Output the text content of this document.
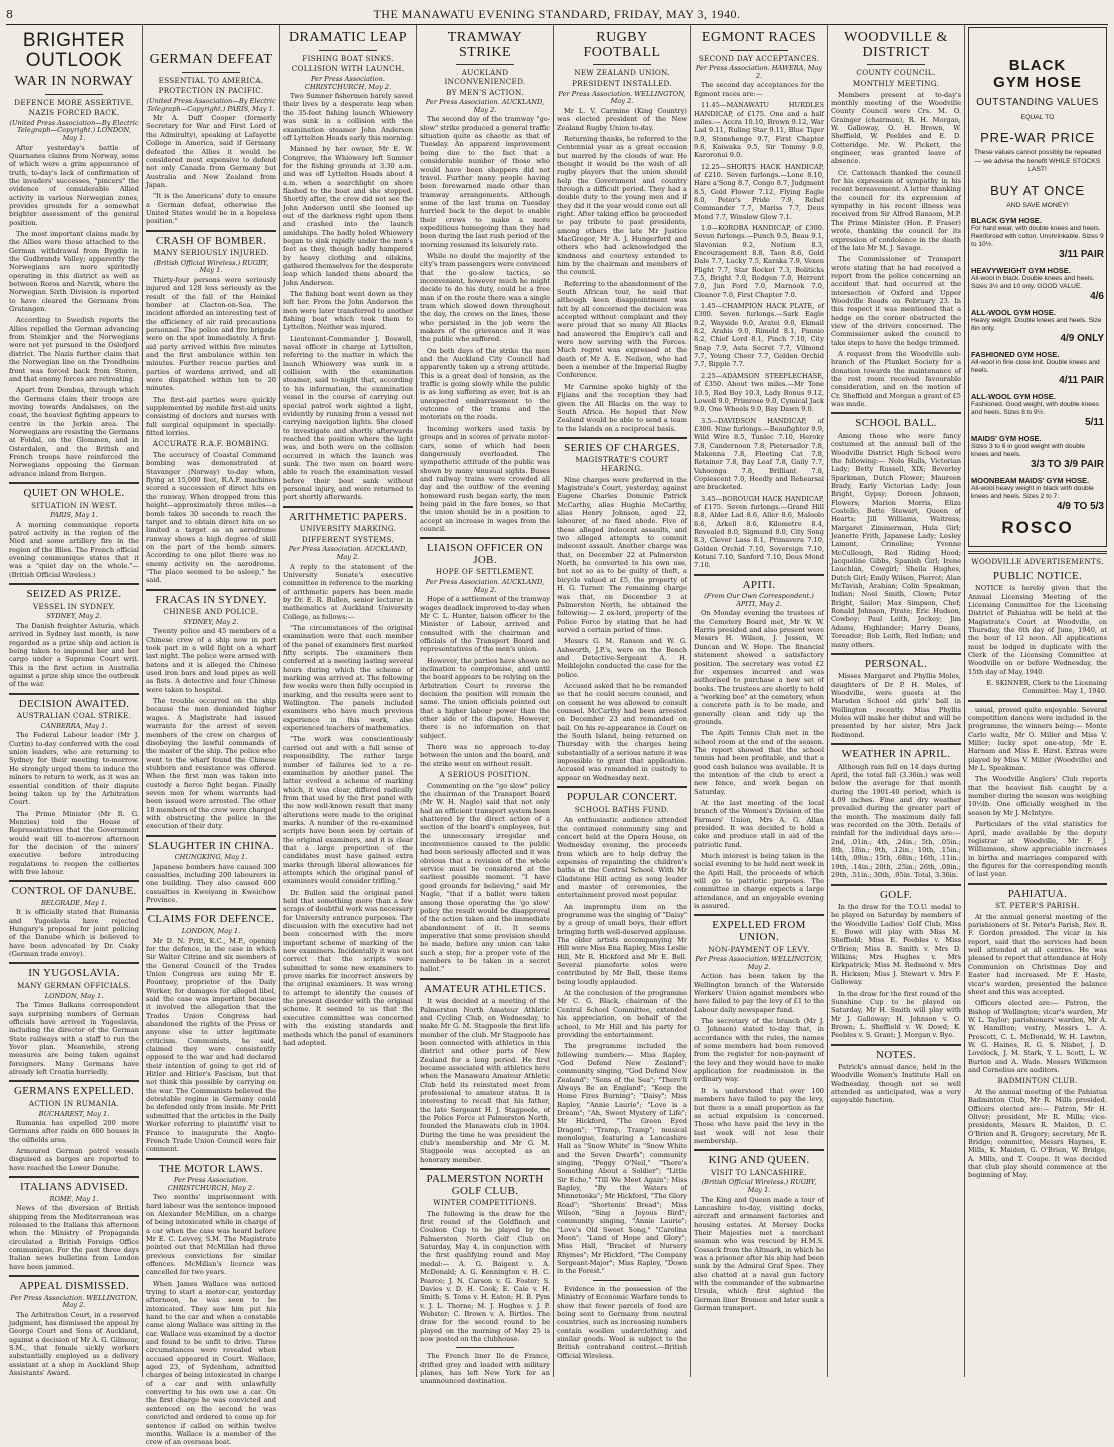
8	THE MANAWATU EVENING STANDARD, FRIDAY, MAY 3, 1940.
BRIGHTER OUTLOOK
WAR IN NORWAY
DEFENCE MORE ASSERTIVE.
NAZIS FORCED BACK.
(United Press Association—By Electric Telegraph—Copyright.) LONDON, May 1.

After yesterday's battle of Quarnanes claims from Norway, some of which were a grim appearance of truth, to-day's lack of confirmation of the invaders' successes, "pincers" the evidence of considerable Allied activity in various Norwegian zones, provides grounds for a somewhat brighter assessment of the general position.

The most important claims made by the Allies were those attached to the German withdrawal from Bygdin in the Gudbrands Valley; apparently the Norwegians are more spiritedly operating in this district as well as between Roros and Narvik, where the Norwegian Sixth Division is reported to have cleared the Germans from Gratangen.

According to Swedish reports the Allies repelled the German advancing from Steinkjer and the Norwegians were not yet pursued in the Oslofjord district. The Nazis further claim that the Norwegian line on the Trondheim front was forced back from Storen, and that enemy forces are retreating.

Apart from Dombas, through which the Germans claim their troops are moving towards Andalsnes, on the coast, the heaviest fighting appears to centre in the Jerkin area. The Norwegians are resisting the Germans at Foldal, on the Glommen, and in Osterdalen, and the British and French troops have reinforced the Norwegians opposing the German advance inland from Bergen.

QUIET ON WHOLE.
SITUATION IN WEST.
PARIS, May 1.

A morning communique reports patrol activity in the region of the Nied and some artillery fire in the region of the Blies. The French official evening communique states that it was a "quiet day on the whole."—(British Official Wireless.)

SEIZED AS PRIZE.
VESSEL IN SYDNEY.
SYDNEY, May 2.

The Danish freighter Asturia, which arrived in Sydney last month, is now regarded as a prize ship and action is being taken to impound her and her cargo under a Supreme Court writ. This is the first action in Australia against a prize ship since the outbreak of the war.

DECISION AWAITED.
AUSTRALIAN COAL STRIKE.
CANBERRA, May 1.

The Federal Labour leader (Mr J. Curtin) to-day conferred with the coal union leaders, who are returning to Sydney for their meeting to-morrow. He strongly urged them to induce the miners to return to work, as it was an essential condition of their dispute being taken up by the Arbitration Court.

The Prime Minister (Mr R. G. Menzies) told the House of Representatives that the Government would wait till to-morrow afternoon for the decision of the miners' executive before introducing regulations to reopen the collieries with free labour.

CONTROL OF DANUBE.
BELGRADE, May 1.

It is officially stated that Rumania and Yugoslavia have rejected Hungary's proposal for joint policing of the Danube which is believed to have been advocated by Dr. Csaky (German trade envoy).

IN YUGOSLAVIA.
MANY GERMAN OFFICIALS.
LONDON, May 1.

The Times Balkans correspondent says surprising numbers of German officials have arrived in Yugoslavia, including the director of the German State railways with a staff to run the Yovor plan. Meanwhile, strong measures are being taken against foreigners. Many Germans have already left Croatia hurriedly.

GERMANS EXPELLED.
ACTION IN RUMANIA.
BUCHAREST, May 1.

Rumania has expelled 200 more Germans after raids on 600 houses in the oilfields area.

Armoured German patrol vessels disguised as barges are reported to have reached the Lower Danube.

ITALIANS ADVISED.
ROME, May 1.

News of the diversion of British shipping from the Mediterranean was released to the Italians this afternoon when the Ministry of Propaganda circulated a British Foreign Office communique. For the past three days Italian news bulletins from London have been jammed.

APPEAL DISMISSED.
Per Press Association. WELLINGTON, May 2.

The Arbitration Court, in a reserved judgment, has dismissed the appeal by George Court and Sons of Auckland, against a decision of Mr A. G. Gilmour, S.M., that female sickly workers substantially employed as a delivery assistant at a shop in Auckland Shop Assistants' Award.

GERMAN DEFEAT
ESSENTIAL TO AMERICA.
PROTECTION IN PACIFIC.
(United Press Association—By Electric Telegraph—Copyright.) PARIS, May 1.

Mr A. Duff Cooper (formerly Secretary for War and First Lord of the Admiralty), speaking at Lafayette College in America, said if Germany defeated the Allies it would be considered most expensive to defend not only Canada from Germany but Australia and New Zealand from Japan.

"It is the Americans' duty to ensure a German defeat, otherwise the United States would be in a hopeless position."

CRASH OF BOMBER.
MANY SERIOUSLY INJURED.
(British Official Wireless.) RUGBY, May 1.

Thirty-four persons were seriously injured and 128 less seriously as the result of the fall of the Heinkel bomber at Clacton-on-Sea. The incident afforded an interesting test of the efficiency of air raid precautions personnel. The police and fire brigade were on the spot immediately. A first-aid party arrived within five minutes and the first ambulance within ten minutes. Further rescue parties and parties of wardens arrived, and all were dispatched within ten to 20 minutes.

The first-aid parties were quickly supplemented by mobile first-aid units consisting of doctors and nurses with full surgical equipment in specially-fitted lorries.

ACCURATE R.A.F. BOMBING.

The accuracy of Coastal Command bombing was demonstrated at Stavanger (Norway) to-day when, flying at 15,000 feet, R.A.F. machines scored a succession of direct hits on the runway. When dropped from this height—approximately three miles—a bomb takes 30 seconds to reach the target and to obtain direct hits on so limited a target as an aerodrome runway shows a high degree of skill on the part of the bomb aimers. According to one pilot there was no enemy activity on the aerodrome. "The place seemed to be asleep," he said.

FRACAS IN SYDNEY.
CHINESE AND POLICE.
SYDNEY, May 2.

Twenty police and 45 members of a Chinese crew of a ship now in port took part in a wild fight on a wharf last night. The police were armed with batons and it is alleged the Chinese used iron bars and lead pipes as well as fists. A detective and four Chinese were taken to hospital.

The trouble occurred on the ship because the men demanded higher wages. A Magistrate had issued warrants for the arrest of seven members of the crew on charges of disobeying the lawful commands of the master of the ship. The police who went to the wharf found the Chinese stubborn and resistance was offered. When the first man was taken into custody a fierce fight began. Finally seven men for whom warrants had been issued were arrested. The other 18 members of the crew were charged with obstructing the police in the execution of their duty.

SLAUGHTER IN CHINA.
CHUNGKING, May 1.

Japanese bombers have caused 300 casualties, including 200 labourers in one building. They also caused 600 casualties in Kweiyang in Kweichow Province.

CLAIMS FOR DEFENCE.
LONDON, May 1.

Mr D. N. Pritt, K.C., M.P., opening for the defence, in the case in which Sir Walter Citrine and six members of the General Council of the Trades Union Congress are suing Mr E. Pountney, proprietor of the Daily Worker, for damages for alleged libel, said the case was important because it involved the allegation that the Trades Union Congress had abandoned the rights of the Press or anyone else to utter legitimate criticism. Communists, he said, claimed they were consistently opposed to the war and had declared their intention of going to get rid of Hitler and Hitler's Fascism, but that not think this possible by carrying on the war. The Communists believed the detestable regime in Germany could be defended only from inside. Mr Pritt submitted that the articles in the Daily Worker referring to plaintiffs' visit to France to inaugurate the Anglo-French Trade Union Council were fair comment.

THE MOTOR LAWS.
Per Press Association. CHRISTCHURCH, May 2.

Two months' imprisonment with hard labour was the sentence imposed on Alexander McMillan, on a charge of being intoxicated while in charge of a car when the case was heard before Mr E. C. Levvey, S.M. The Magistrate pointed out that McMillan had three previous convictions for similar offences. McMillan's licence was cancelled for two years.

When James Wallace was noticed trying to start a motor-car, yesterday afternoon, he was seen to be intoxicated. They saw him put his hand to the car and when a constable came along Wallace was sitting in the car. Wallace was examined by a doctor and found to be unfit to drive. Three circumstances were revealed when accused appeared in Court. Wallace, aged 23, of Sydenham, admitted charges of being intoxicated in charge of a car and with unlawfully converting to his own use a car. On the first charge he was convicted and sentenced on the second he was convicted and ordered to come up for sentence if called on within twelve months. Wallace is a member of the crew of an overseas boat.

DRAMATIC LEAP
FISHING BOAT SINKS.
COLLISION WITH LAUNCH.
Per Press Association. CHRISTCHURCH, May 2.

Two Sumner fishermen barely saved their lives by a desperate leap when the 35-feet fishing launch Whiowery was sunk in a collision with the examination steamer John Anderson off Lyttelton Heads early this morning.

Manned by her owner, Mr E. W. Congreve, the Whiowery left Sumner for the fishing grounds at 3.30 a.m. and was off Lyttelton Heads about 4 a.m. when a searchlight on shore flashed to the boat and she stopped. Shortly after, the crew did not see the John Anderson until she loomed up out of the darkness right upon them and crashed into the launch amidships. The badly holed Whiowery began to sink rapidly under the men's feet as they, though badly hampered by heavy clothing and oilskins, gathered themselves for the desperate leap which landed them aboard the John Anderson.

The fishing boat went down as they left her. From the John Anderson the men were later transferred to another fishing boat which took them to Lyttelton. Neither was injured.

Lieutenant-Commander J. Boswell, naval officer in charge at Lyttelton, referring to the matter in which the launch Whiowery was sunk in a collision with the examination steamer, said to-night that, according to his information, the examination vessel in the course of carrying out special patrol work sighted a light, evidently by running from a vessel not carrying navigation lights. She closed to investigate and shortly afterwards reached the position where the light was, and both were on the collision occurred in which the launch was sunk. The two men on board were able to reach the examination vessel before their boat sank without personal injury, and were returned to port shortly afterwards.

ARITHMETIC PAPERS.
UNIVERSITY MARKING.
DIFFERENT SYSTEMS.
Per Press Association. AUCKLAND, May 2.

A reply to the statement of the University Senate's executive committee in reference to the marking of arithmetic papers has been made by Dr. E. R. Bullen, senior lecturer in mathematics at Auckland University College, as follows:—

"The circumstances of the original examination were that each member of the panel of examiners first marked fifty scripts. The examiners then conferred at a meeting lasting several hours during which the scheme of marking was arrived at. The following few weeks were then fully occupied in marking, and the results were sent to Wellington. The panels included examiners who have much previous experience in this work, also experienced teachers of mathematics.

"The work was conscientiously carried out and with a full sense of responsibility. The rather large number of failures led to a re-examination by another panel. The latter evolved a scheme of marking which, it was clear, differed radically from that used by the first panel with the now well-known result that many alterations were made to the original marks. A number of the re-examined scripts have been seen by certain of the original examiners, and it is clear that a large proportion of the candidates must have gained extra marks through liberal allowances for attempts which the original panel of examiners would consider trifling."

Dr. Bullen said the original panel held that something more than a few scraps of doubtful work was necessary for University entrance purposes. The discussion with the executive had not been concerned with the more important scheme of marking of the new examiners. Incidentally it was not correct that the scripts were submitted to some new examiners to prove marks for incorrect answers by the original examiners. It was wrong to attempt to identify the causes of the present disorder with the original scheme. It seemed to us that the executive committee was concerned with the existing standards and methods which the panel of examiners had adopted.

TRAMWAY STRIKE
AUCKLAND INCONVENIENCED.
BY MEN'S ACTION.
Per Press Association. AUCKLAND, May 2.

The second day of the tramway "go-slow" strike produced a general traffic situation quite as chaotic as that of Tuesday. An apparent improvement being due to the fact that a considerable number of those who would have been shoppers did not travel. Further many people having been forewarned made other than tramway arrangements. Although some of the last trams on Tuesday hurried back to the depot to enable their crews to make a more expeditious homegoing than they had been during the last rush period of the morning resumed its leisurely rate.

While no doubt the majority of the city's tram passengers were convinced that the go-slow tactics, so inconvenient, however much he might decide to do his duty, could be a free man if on the route there was a single tram which slowed down throughout the day, the crews on the lines, those who persisted in the job were the makers of the grievance and it was the public who suffered.

On both days of the strike the men and the Auckland City Council had apparently taken up a strong attitude. This is a great deal of tension, as the traffic is going slowly while the public is as long suffering as ever, but is an unexpected embarrassment to the outcome of the trams and the motorists on the roads.

Incoming workers used taxis by groups and in scores of private motor-cars, some of which had been dangerously overloaded. The sympathetic attitude of the public was shown by many unusual sights. Buses and railway trains were crowded all day and the outflow of the evening homeward rush began early, the men being paid in the fare boxes, so that the union should be in a position to accept an increase in wages from the council.

LIAISON OFFICER ON JOB.
HOPE OF SETTLEMENT.
Per Press Association. AUCKLAND, May 2.

Hope of a settlement of the tramway wages deadlock improved to-day when Mr C. L. Hunter, liaison officer to the Minister of Labour, arrived and consulted with the chairman and officials of the Transport Board and representatives of the men's union.

However, the parties have shown no inclination to compromise, and until the board appears to be relying on the Arbitration Court to reverse the decision the position will remain the same. The union officials pointed out that a higher labour power than the other side of the dispute. However, there is no information on that subject.

There was no approach to-day between the union and the board, and the strike went on without result.

A SERIOUS POSITION.

Commenting on the "go slow" policy the chairman of the Transport Board (Mr W. H. Nagle) said that not only had an efficient transport system been shattered by the direct action of a section of the board's employees, but the unnecessary irregular and inconvenience caused to the public had been seriously affected and it was obvious that a revision of the whole service must be considered at the earliest possible moment. "I have good grounds for believing," said Mr Nagle, "that if a ballot were taken among those operating the 'go slow' policy the result would be disapproval of the action taken and the immediate abandonment of it. It seems imperative that some provision should be made, before any union can take such a step, for a proper vote of the members to be taken in a secret ballot."

AMATEUR ATHLETICS.

It was decided at a meeting of the Palmerston North Amateur Athletic and Cycling Club, on Wednesday, to make Mr G. M. Stagpoole the first life member of the club. Mr Stagpoole has been connected with athletics in this district and other parts of New Zealand for a long period. He first became associated with athletics here when the Manawatu Amateur Athletic Club held its reinstated meet from professional to amateur status. It is interesting to recall that his father, the late Sergeant H. J. Stagpoole, of the Police Force at Palmerston North, founded the Manawatu club in 1904. During the time he was president the club's membership and Mr G. M. Stagpoole was accepted as an honorary member.

PALMERSTON NORTH GOLF CLUB.
WINTER COMPETITIONS.

The following is the draw for the first round of the Goldfinch and Coulson Cup to be played by the Palmerston North Golf Club on Saturday, May 4, in conjunction with the first qualifying round and May medal:— A. G. Baigent v. A. McDonald; A. G. Kennington v. H. C. Pearce; J. N. Carson v. G. Foster; S. Davies v. D. H. Cook; E. Caie v. H. Smith; S. Toms v. H. Eaton; H. B. Pym v. J. L. Thorne; M. J. Hughes v. J. P. Webster; C. Brown v. A. Birtles. The draw for the second round to be played on the morning of May 25 is now posted on the clubhouse.

The French liner Ile de France, drifted grey and loaded with military planes, has left New York for an unannounced destination.

RUGBY FOOTBALL
NEW ZEALAND UNION.
PRESIDENT INSTALLED.
Per Press Association. WELLINGTON, May 2.

Mr L. V. Carmine (King Country) was elected president of the New Zealand Rugby Union to-day.

Returning thanks, he referred to the Centennial year as a great occasion but marred by the clouds of war. He thought it would be the wish of all rugby players that the union should help the Government and country through a difficult period. They had a double duty to the young men and if they did it the year would come out all right. After taking office he proceeded to pay tribute to past presidents, among others the late Mr Justice MacGregor, Mr A. J. Hungerford and others who had acknowledged the kindness and courtesy extended to him by the chairman and members of the council.

Referring to the abandonment of the South African tour, he said that although keen disappointment was felt by all concerned the decision was accepted without complaint and they were proud that so many All Blacks had answered the Empire's call and were now serving with the Forces. Much regret was expressed at the death of Mr A. E. Neilson, who had been a member of the Imperial Rugby Conference.

Mr Carmine spoke highly of the Fijians and the reception they had given the All Blacks on the way to South Africa. He hoped that New Zealand would be able to send a team to the Islands on a reciprocal basis.

SERIES OF CHARGES.
MAGISTRATE'S COURT HEARING.

Nine charges were preferred in the Magistrate's Court, yesterday, against Eugene Charles Dominic Patrick McCarthy, alias Hughie McCarthy, alias Henry Johnson, aged 22, labourer, of no fixed abode. Five of these alleged indecent assaults, and two alleged attempts to commit indecent assault. Another charge was that, on December 22 at Palmerston North, he converted to his own use, but not so as to be guilty of theft, a bicycle valued at £5, the property of H. G. Turner. The remaining charge was that, on December 3 at Palmerston North, he obtained the following:— 2 ex-lord, property of the Police Force by stating that he had served a certain period of time.

Messrs G. M. Ranson and W. G. Ashworth, J.P.'s, were on the Bench and Detective-Sergeant A. H. Meiklejohn conducted the case for the police.

Accused asked that he be remanded so that he could secure counsel, and on consent he was allowed to consult counsel. McCarthy had been arrested on December 23 and remanded on bail. On his re-appearance in Court on the South Island, being returned on Thursday with the charges being substantially of a serious nature it was impossible to grant that application. Accused was remanded in custody to appear on Wednesday next.

POPULAR CONCERT.
SCHOOL BATHS FUND.

An enthusiastic audience attended the continued community sing and concert held at the Opera House, on Wednesday evening, the proceeds from which are to help defray the expenses of repainting the children's baths at the Central School. With Mr Gladstone Hill acting as song leader and master of ceremonies, the entertainment proved most popular.

An impromptu item on the programme was the singing of "Daisy" by a group of small boys, their effort bringing forth well-deserved applause. The older artists accompanying Mr Hill were Miss Ena Rapley, Miss Leslie Hill, Mr R. Hickford and Mr E. Bell. Several pianoforte solos were contributed by Mr Bell, these items being loudly applauded.

At the conclusion of the programme Mr C. G. Black, chairman of the Central School Committee, extended his appreciation, on behalf of the school, to Mr Hill and his party for providing the entertainment.

The programme included the following numbers:— Miss Rapley, "God Defend New Zealand"; community singing, "God Defend New Zealand"; "Sons of the Sea"; "There'll Always Be an England"; "Keep the Home Fires Burning"; "Daisy"; Miss Rapley, "Annie Laurie"; "Love is a Dream"; "Ah, Sweet Mystery of Life"; Mr Hickford, "The Green Eyed Dragon"; "Tramp, Tramp"; musical monologue, featuring a Lancashire Hall as "Snow White" in "Snow White and the Seven Dwarfs"; community singing, "Peggy O'Neil," "There's Something About a Soldier"; "Little Sir Echo," "Till We Meet Again"; Miss Rapley, "By the Waters of Minnetonka"; Mr Hickford, "The Glory Road"; "Shortenin' Bread"; Miss Wilson, "Sing a Joyous Bird"; community singing, "Annie Laurie"; "Love's Old Sweet Song," "Carolina Moon"; "Land of Hope and Glory"; Miss Hall, "Bracket of Nursery Rhymes"; Mr Hickford, "The Company Sergeant-Major"; Miss Rapley, "Down in the Forest."

Evidence in the possession of the Ministry of Economic Warfare tends to show that fewer parcels of food are being sent to Germany from neutral countries, such as increasing numbers contain woollen underclothing and similar goods. Wool is subject to the British contraband control.—British Official Wireless.

EGMONT RACES
SECOND DAY ACCEPTANCES.
Per Press Association. HAWERA, May 2.

The second day acceptances for the Egmont races are:—

11.45—MANAWATU HURDLES HANDICAP, of £175. One and a half miles.— Accra 10.10, Brown 9.12, War Lad 9.11, Ruling Star 9.11, Blue Tiger 9.9, Stonehenge 9.7, First Chapter 9.6, Kaiwaka 9.5, Sir Tommy 9.0, Karoronui 9.0.

12.25—SHORTS HACK HANDICAP, of £210. Seven furlongs.—Lone 8.10, Hare a'Song 8.7, Congo 8.7, Judgment 8.5, Gold Flower 7.12, Flying Eagle 8.0, Peter's Pride 7.9, Rebel Commander 7.7, Mariss 7.7, Deus Mond 7.7, Winslow Glow 7.1.

1.0—KOROBA HANDICAP, of £300. Seven furlongs.—Punch 9.5, Beau 9.1, Slavonian 9.2, Notium 8.3, Encouragement 8.8, Taon 8.6, Gold Dale 7.7, Lucky 7.5, Karaka 7.9, Vexen Flight 7.7, Star Rocket 7.3, Boliticks 7.5, Bright 7.0, Rodgen 7.0, Herrent 7.0, Jun Ford 7.0, Marnook 7.0, Cleanor 7.0, First Chapter 7.0.

1.45—CHAMPION HACK PLATE, of £300. Seven furlongs.—Sark Eagle 9.2, Wayside 9.0, Aratei 9.0, Ekmail 8.2, Arahis 9.0, Rimeld 8.1, Pannio 8.2, Chief Lord 8.1, Pinch 7.10, City Snap 7.9, Asta Secret 7.7, Vilmond 7.7, Young Cheer 7.7, Golden Orchid 7.7, Ripple 7.7.

2.25—ADAMSON STEEPLECHASE, of £350. About two miles.—Mr Tone 10.5, Red Boy 10.3, Lady Bonus 9.12, Lowell 9.0, Primrose 9.0, Cymical Jack 9.0, One Wheels 9.0, Bay Dawn 9.0.

3.5—DAVIDSON HANDICAP, of £300. Nine furlongs.—Beaufighter 9.9, Wild Wire 8.5, Tunlec 7.10, Heroky 7.8, Candernoon 7.8, Pietersailor 7.8, Makonna 7.8, Fleeting Cat 7.8, Retainer 7.8, Bay Leaf 7.8, Gaily 7.7, Vahoonga 7.8, Brilliant 7.8, Copiescent 7.0, Heedly and Rehearsal are bracketed.

3.45—BOROUGH HACK HANDICAP, of £175. Seven furlongs.—Grand Hill 8.8, Alder Lad 8.6, Aller 8.6, Maloolo 8.6, Arkell 8.6, Kilometre 8.4, Revealed 8.0, Sigmund 8.0, City Song 8.3, Clever Lass 8.1, Primavera 7.10, Golden Orchid 7.10, Sovereign 7.10, Kotuni 7.10, Sanford 7.10, Deus Mond 7.10.

APITI.
(From Our Own Correspondent.) APITI, May 2.

On Monday evening the trustees of the Cemetery Board met, Mr W. W. Harris presided and also present were Messrs H. Wilson, J. Jessen, W. Duncan and W. Hope. The financial statement showed a satisfactory position. The secretary was voted £2 for expenses incurred and was authorised to purchase a new set of books. The trustees are shortly to hold a "working bee" at the cemetery, when a concrete path is to be made, and generally clean and tidy up the grounds.

The Apiti Tennis Club met in the school room at the end of the season. The report showed that the school tennis had been profitable, and that a good cash balance was available. It is the intention of the club to erect a new fence, and work began on Saturday.

At the last meeting of the local branch of the Women's Division of the Farmers' Union, Mrs A. G. Allan presided. It was decided to hold a cake and produce stall in aid of the patriotic fund.

Much interest is being taken in the social evening to be held next week in the Apiti Hall, the proceeds of which will go to patriotic purposes. The committee in charge expects a large attendance, and an enjoyable evening is assured.

EXPELLED FROM UNION.
NON-PAYMENT OF LEVY.
Per Press Association. WELLINGTON, May 2.

Action has been taken by the Wellington branch of the Waterside Workers' Union against members who have failed to pay the levy of £1 to the Labour daily newspaper fund.

The secretary of the branch (Mr J. O. Johnson) stated to-day that, in accordance with the rules, the names of some members had been removed from the register for non-payment of the levy and they would have to make application for readmission in the ordinary way.

It is understood that over 100 members have failed to pay the levy, but there is a small proportion as far as actual expulsion is concerned. Those who have paid the levy in the last week will not lose their membership.

KING AND QUEEN.
VISIT TO LANCASHIRE.
(British Official Wireless.) RUGBY, May 1.

The King and Queen made a tour of Lancashire to-day, visiting docks, aircraft and armament factories and housing estates. At Mersey Docks Their Majesties met a merchant seaman who was rescued by H.M.S. Cossack from the Altmark, in which he was a prisoner after his ship had been sunk by the Admiral Graf Spee. They also chatted at a naval gun factory with the commander of the submarine Ursula, which first sighted the German liner Bremen and later sunk a German transport.

WOODVILLE & DISTRICT
COUNTY COUNCIL.
MONTHLY MEETING.

Members present at to-day's monthly meeting of the Woodville County Council were Crs. M. O. Grainger (chairman), R. H. Morgan, W. Galloway, O. H. Brown, W. Sheffield, W. Peebles and E. D. Cotteridge. Mr. W. Pickett, the engineer, was granted leave of absence.

Cr. Cattenach thanked the council for his expression of sympathy in his recent bereavement. A letter thanking the council for its expression of sympathy in his recent illness was received from Sir Alfred Ransom, M.P. The Prime Minister (Hon. P. Fraser) wrote, thanking the council for its expression of condolence in the death of the late Mr M. J. Savage.

The Commissioner of Transport wrote stating that he had received a report from the police concerning an accident that had occurred at the intersection of Oxford and Upper Woodville Roads on February 23. In this respect it was mentioned that a hedge on the corner obstructed the view of the drivers concerned. The Commissioner asked the council to take steps to have the hedge trimmed.

A request from the Woodville sub-branch of the Plunket Society for a donation towards the maintenance of the rest room received favourable consideration, and on the motion of Cr. Sheffield and Morgan a grant of £5 was made.

SCHOOL BALL.

Among those who were fancy costumed at the annual ball of the Woodville District High School were the following:— Nola Halls, Victorian Lady; Betty Russell, XIX; Beverley Sparkman, Dutch Flower; Maureen Brady, Early Victorian Lady; Joan Bright, Gypsy; Doreen Johnson, Flowers; Marion Morris, Eliza Costello, Bette Stewart, Queen of Hearts; Jill Williams, Waitress; Margaret Zimmerman, Hula Girl; Jeanette Frith, Japanese Lady; Lesley Lamont, Crinoline; Yvonne McCullough, Red Riding Hood; Jacqueline Gibbs, Spanish Girl; Irene Lauchlan, Cowgirl; Sheila Hughes, Dutch Girl; Emily Wilson, Pierrot; Alan McTavish, Arabian; Colin Speakman, Indian; Noel Smith, Clown; Peter Bright, Sailor; Max Simpson, Chef; Ronald Johnson, Pirate; Eric Hudson, Cowboy; Paul Leith, Jockey; Jim Adams, Highlander; Harry Deans, Toreador; Bob Leith, Red Indian; and many others.

PERSONAL.

Misses Margaret and Phyllis Moles, daughters of Dr P. H. Moles, of Woodville, were guests at the Marsden School old girls' ball in Wellington recently. Miss Phyllis Moles will make her debut and will be presented by her sister, Mrs Jack Redmond.

WEATHER IN APRIL.

Although rain fell on 14 days during April, the total fall (3.36in.) was well below the average for that month during the 1901-40 period, which is 4.09 inches. Fine and dry weather prevailed during the greater part of the month. The maximum daily fall was recorded on the 30th. Details of rainfall for the individual days are:— 2nd, .01in.; 4th, .24in.; 5th, .05in.; 8th, .18in.; 9th, .12in.; 10th, .15in.; 14th, .09in.; 15th, .68in.; 16th, .11in.; 19th, .14in.; 20th, .25in.; 26th, .08in.; 29th, .51in.; 30th, .95in. Total, 3.36in.

GOLF.

In the draw for the T.O.U. medal to be played on Saturday by members of the Woodville Ladies' Golf Club, Miss E. Bowe will play with Miss M. Sheffield; Miss E. Peebles v. Miss O'Brien; Miss B. Smith v. Mrs D. Wilkins; Mrs Hughes v. Mrs Kirkpatrick; Miss M. Redmond v. Mrs R. Hickson; Miss J. Stewart v. Mrs F. Galloway.

In the draw for the first round of the Sunshine Cup to be played on Saturday, Mr H. Smith will play with Mr J. Galloway; H. Johnson v. O. Brown; L. Sheffield v. W. Dowd; K. Peebles v. S. Grant; J. Morgan v. Bye.

NOTES.

Patrick's annual dance, held in the Woodville Women's Institute Hall on Wednesday, though not so well attended as anticipated, was a very enjoyable function.

BLACK
GYM HOSE
OUTSTANDING VALUES
EQUAL TO
PRE-WAR PRICE
These values cannot possibly be repeated — we advise the benefit WHILE STOCKS LAST!
BUY AT ONCE
AND SAVE MONEY!
BLACK GYM HOSE.
For hard wear, with double knees and heels. Reinforced with cotton. Unshrinkable. Sizes 9 to 10½.
3/11 PAIR
HEAVYWEIGHT GYM HOSE.
All-wool in black. Double knees and heels. Sizes 3½ and 10 only. GOOD VALUE.
4/6
ALL-WOOL GYM HOSE.
Heavy weight. Double knees and heels. Size 8in only.
4/9 ONLY
FASHIONED GYM HOSE.
All-wool in fine close knit. Double knees and heels.
4/11 PAIR
ALL-WOOL GYM HOSE.
Fashioned. Good weight, with double knees and heels. Sizes 8 to 9½.
5/11
MAIDS' GYM HOSE.
Sizes 3 to 6 in good weight with double knees and heels.
3/3 TO 3/9 PAIR
MOONBEAM MAIDS' GYM HOSE.
All-wool heavy weight in black with double knees and heels. Sizes 2 to 7.
4/9 TO 5/3
ROSCO
WOODVILLE ADVERTISEMENTS.
PUBLIC NOTICE.

NOTICE is hereby given that the Annual Licensing Meeting of the Licensing Committee for the Licensing District of Pahiatua will be held at the Magistrate's Court at Woodville, on Thursday, the 6th day of June, 1940, at the hour of 12 noon. All applications must be lodged in duplicate with the Clerk of the Licensing Committee at Woodville on or before Wednesday, the 15th day of May, 1940.

E. SKINNER, Clerk to the Licensing Committee. May 1, 1940.

usual, proved quite enjoyable. Several competition dances were included in the programme, the winners being:— Monte Carlo waltz, Mr O. Miller and Miss V. Miller; lucky spot one-step, Mr E. Harnam and Miss E. Hirst. Extras were played by Miss V. Miller (Woodville) and Mr L. Speakman.

The Woodville Anglers' Club reports that the heaviest fish caught by a member during the season was weighing 10½lb. One officially weighed in the season by Mr J. McIntyre.

Particulars of the vital statistics for April, made available by the deputy registrar at Woodville, Mr F. J. Williamson, show appreciable increases in births and marriages compared with the figures for the corresponding month of last year.

PAHIATUA.
ST. PETER'S PARISH.

At the annual general meeting of the parishioners of St. Peter's Parish, Rev. R. F. Gordon presided. The vicar in his report, said that the services had been well attended at all centres. He was pleased to report that attendance at Holy Communion on Christmas Day and Easter had increased. Mr F. Haste, vicar's warden, presented the balance sheet and this was accepted.

Officers elected are:— Patron, the Bishop of Wellington; vicar's warden, Mr W. L. Taylor; parishioners' warden, Mr A. W. Hamilton; vestry, Messrs L. A. Prescott, C. L. McDonald, W. H. Lawton, W. G. Haines, R. G. S. Nisbet, J. D. Lovelock, J. M. Stark, Y. L. Scott, L. W. Burton and A. Wade. Messrs Wilkinson and Cornelius are auditors.

BADMINTON CLUB.

At the annual meeting of the Pahiatua Badminton Club, Mr R. Mills presided. Officers elected are:— Patron, Mr H. Oliver; president, Mr R. Mills; vice-presidents, Messrs R. Maiden, D. C. O'Brien and R. Gregory; secretary, Mr R. Bridge; committee, Messrs Haynes, E. Mills, K. Maiden, G. O'Brien, W. Bridge, A. Mills, and T. Coupe. It was decided that club play should commence at the beginning of May.
